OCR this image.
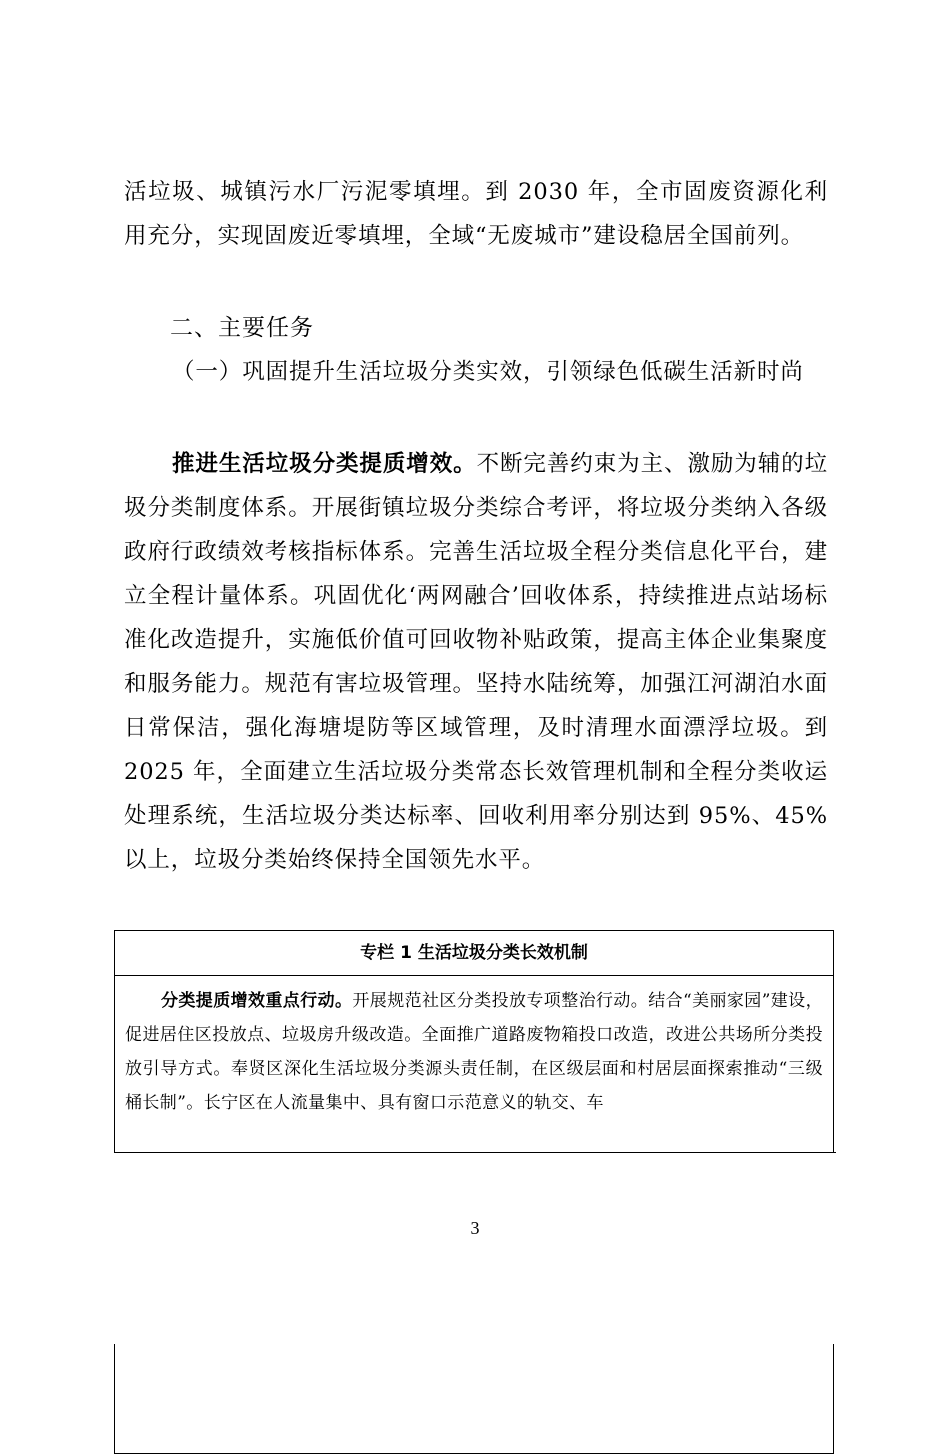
活垃圾、城镇污水厂污泥零填埋。到 2030 年，全市固废资源化利用充分，实现固废近零填埋，全域“无废城市”建设稳居全国前列。

二、主要任务

（一）巩固提升生活垃圾分类实效，引领绿色低碳生活新时尚

推进生活垃圾分类提质增效。不断完善约束为主、激励为辅的垃圾分类制度体系。开展街镇垃圾分类综合考评，将垃圾分类纳入各级政府行政绩效考核指标体系。完善生活垃圾全程分类信息化平台，建立全程计量体系。巩固优化‘两网融合’回收体系，持续推进点站场标准化改造提升，实施低价值可回收物补贴政策，提高主体企业集聚度和服务能力。规范有害垃圾管理。坚持水陆统筹，加强江河湖泊水面日常保洁，强化海塘堤防等区域管理，及时清理水面漂浮垃圾。到 2025 年，全面建立生活垃圾分类常态长效管理机制和全程分类收运处理系统，生活垃圾分类达标率、回收利用率分别达到 95%、45%以上，垃圾分类始终保持全国领先水平。

专栏 1 生活垃圾分类长效机制

分类提质增效重点行动。开展规范社区分类投放专项整治行动。结合“美丽家园”建设，促进居住区投放点、垃圾房升级改造。全面推广道路废物箱投口改造，改进公共场所分类投放引导方式。奉贤区深化生活垃圾分类源头责任制，在区级层面和村居层面探索推动“三级桶长制”。长宁区在人流量集中、具有窗口示范意义的轨交、车

3
